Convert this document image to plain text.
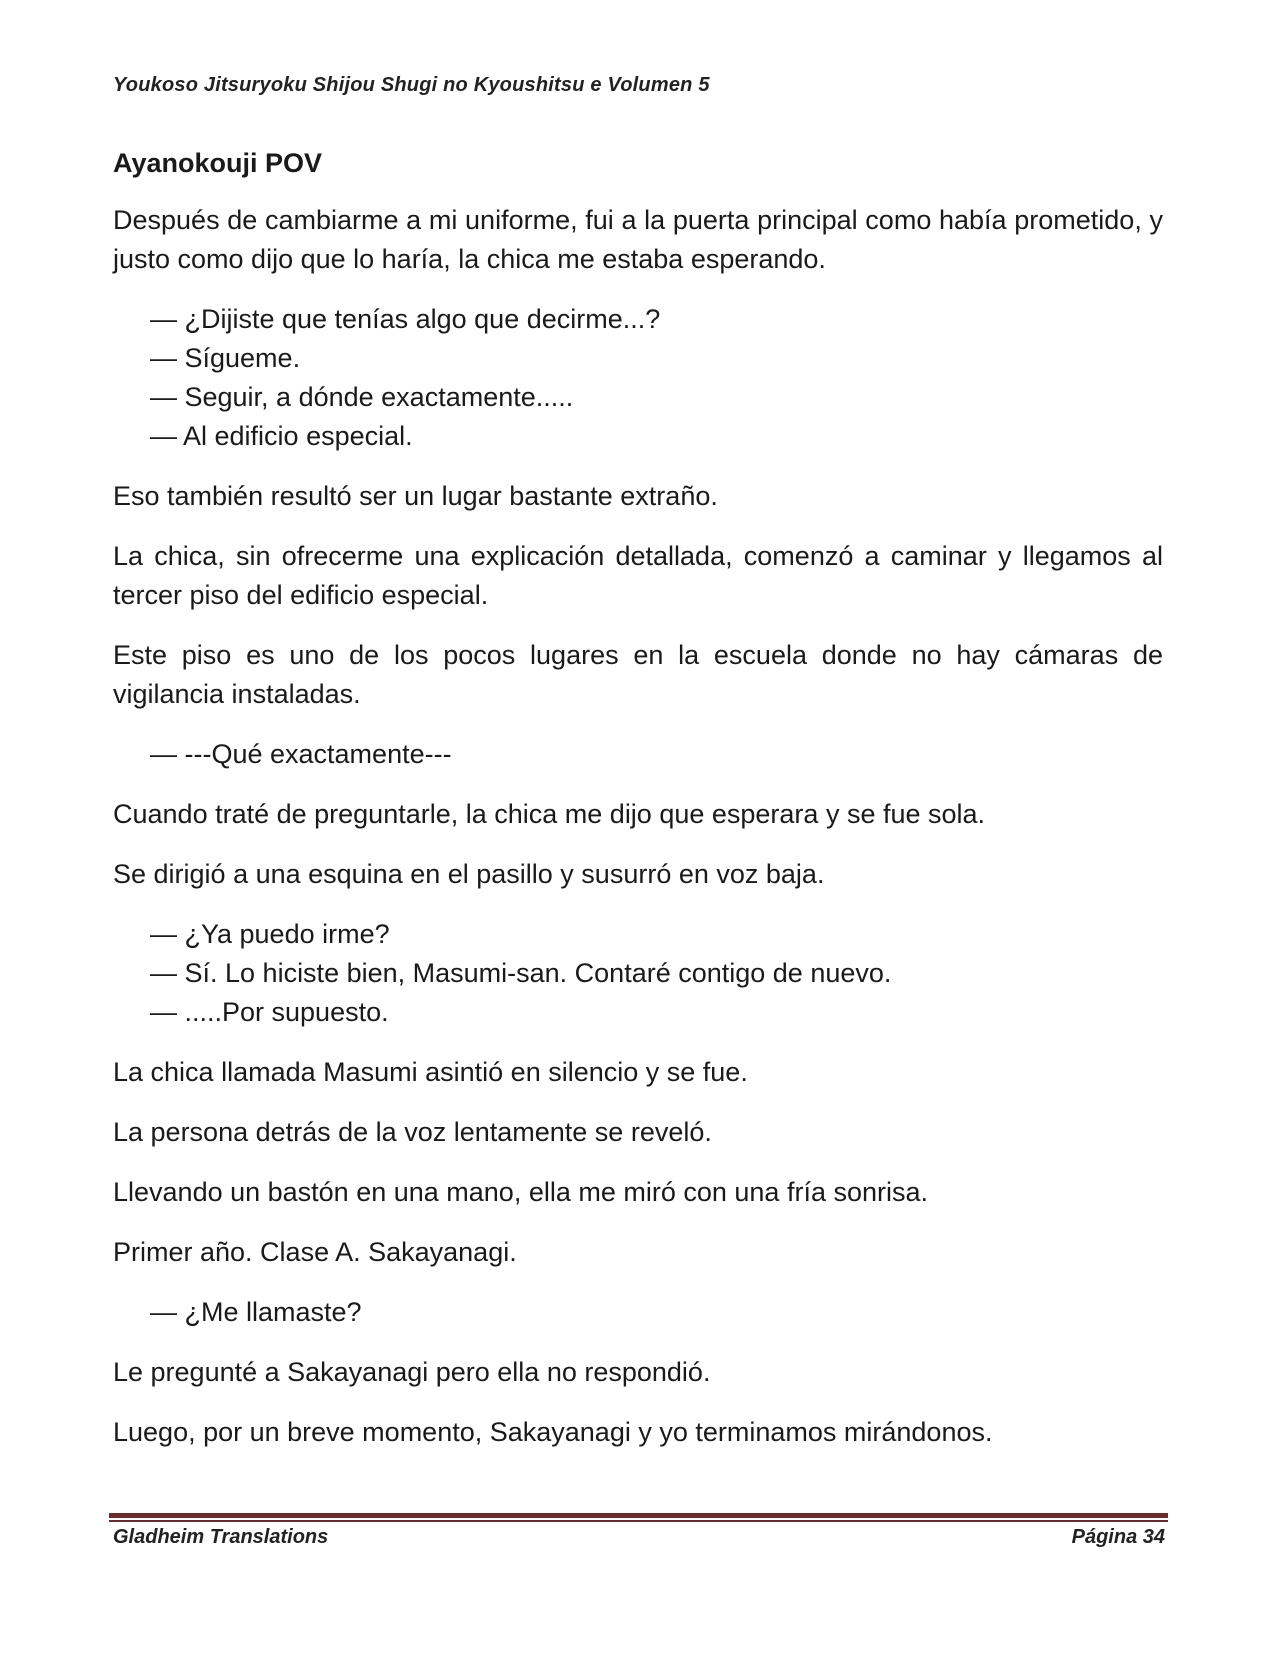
Youkoso Jitsuryoku Shijou Shugi no Kyoushitsu e Volumen 5
Ayanokouji POV

Después de cambiarme a mi uniforme, fui a la puerta principal como había prometido, y justo como dijo que lo haría, la chica me estaba esperando.

— ¿Dijiste que tenías algo que decirme...?
— Sígueme.
— Seguir, a dónde exactamente.....
— Al edificio especial.

Eso también resultó ser un lugar bastante extraño.

La chica, sin ofrecerme una explicación detallada, comenzó a caminar y llegamos al tercer piso del edificio especial.

Este piso es uno de los pocos lugares en la escuela donde no hay cámaras de vigilancia instaladas.

— ---Qué exactamente---

Cuando traté de preguntarle, la chica me dijo que esperara y se fue sola.

Se dirigió a una esquina en el pasillo y susurró en voz baja.

— ¿Ya puedo irme?
— Sí. Lo hiciste bien, Masumi-san. Contaré contigo de nuevo.
— .....Por supuesto.

La chica llamada Masumi asintió en silencio y se fue.

La persona detrás de la voz lentamente se reveló.

Llevando un bastón en una mano, ella me miró con una fría sonrisa.

Primer año. Clase A. Sakayanagi.

— ¿Me llamaste?

Le pregunté a Sakayanagi pero ella no respondió.

Luego, por un breve momento, Sakayanagi y yo terminamos mirándonos.

Gladheim Translations	Página 34
